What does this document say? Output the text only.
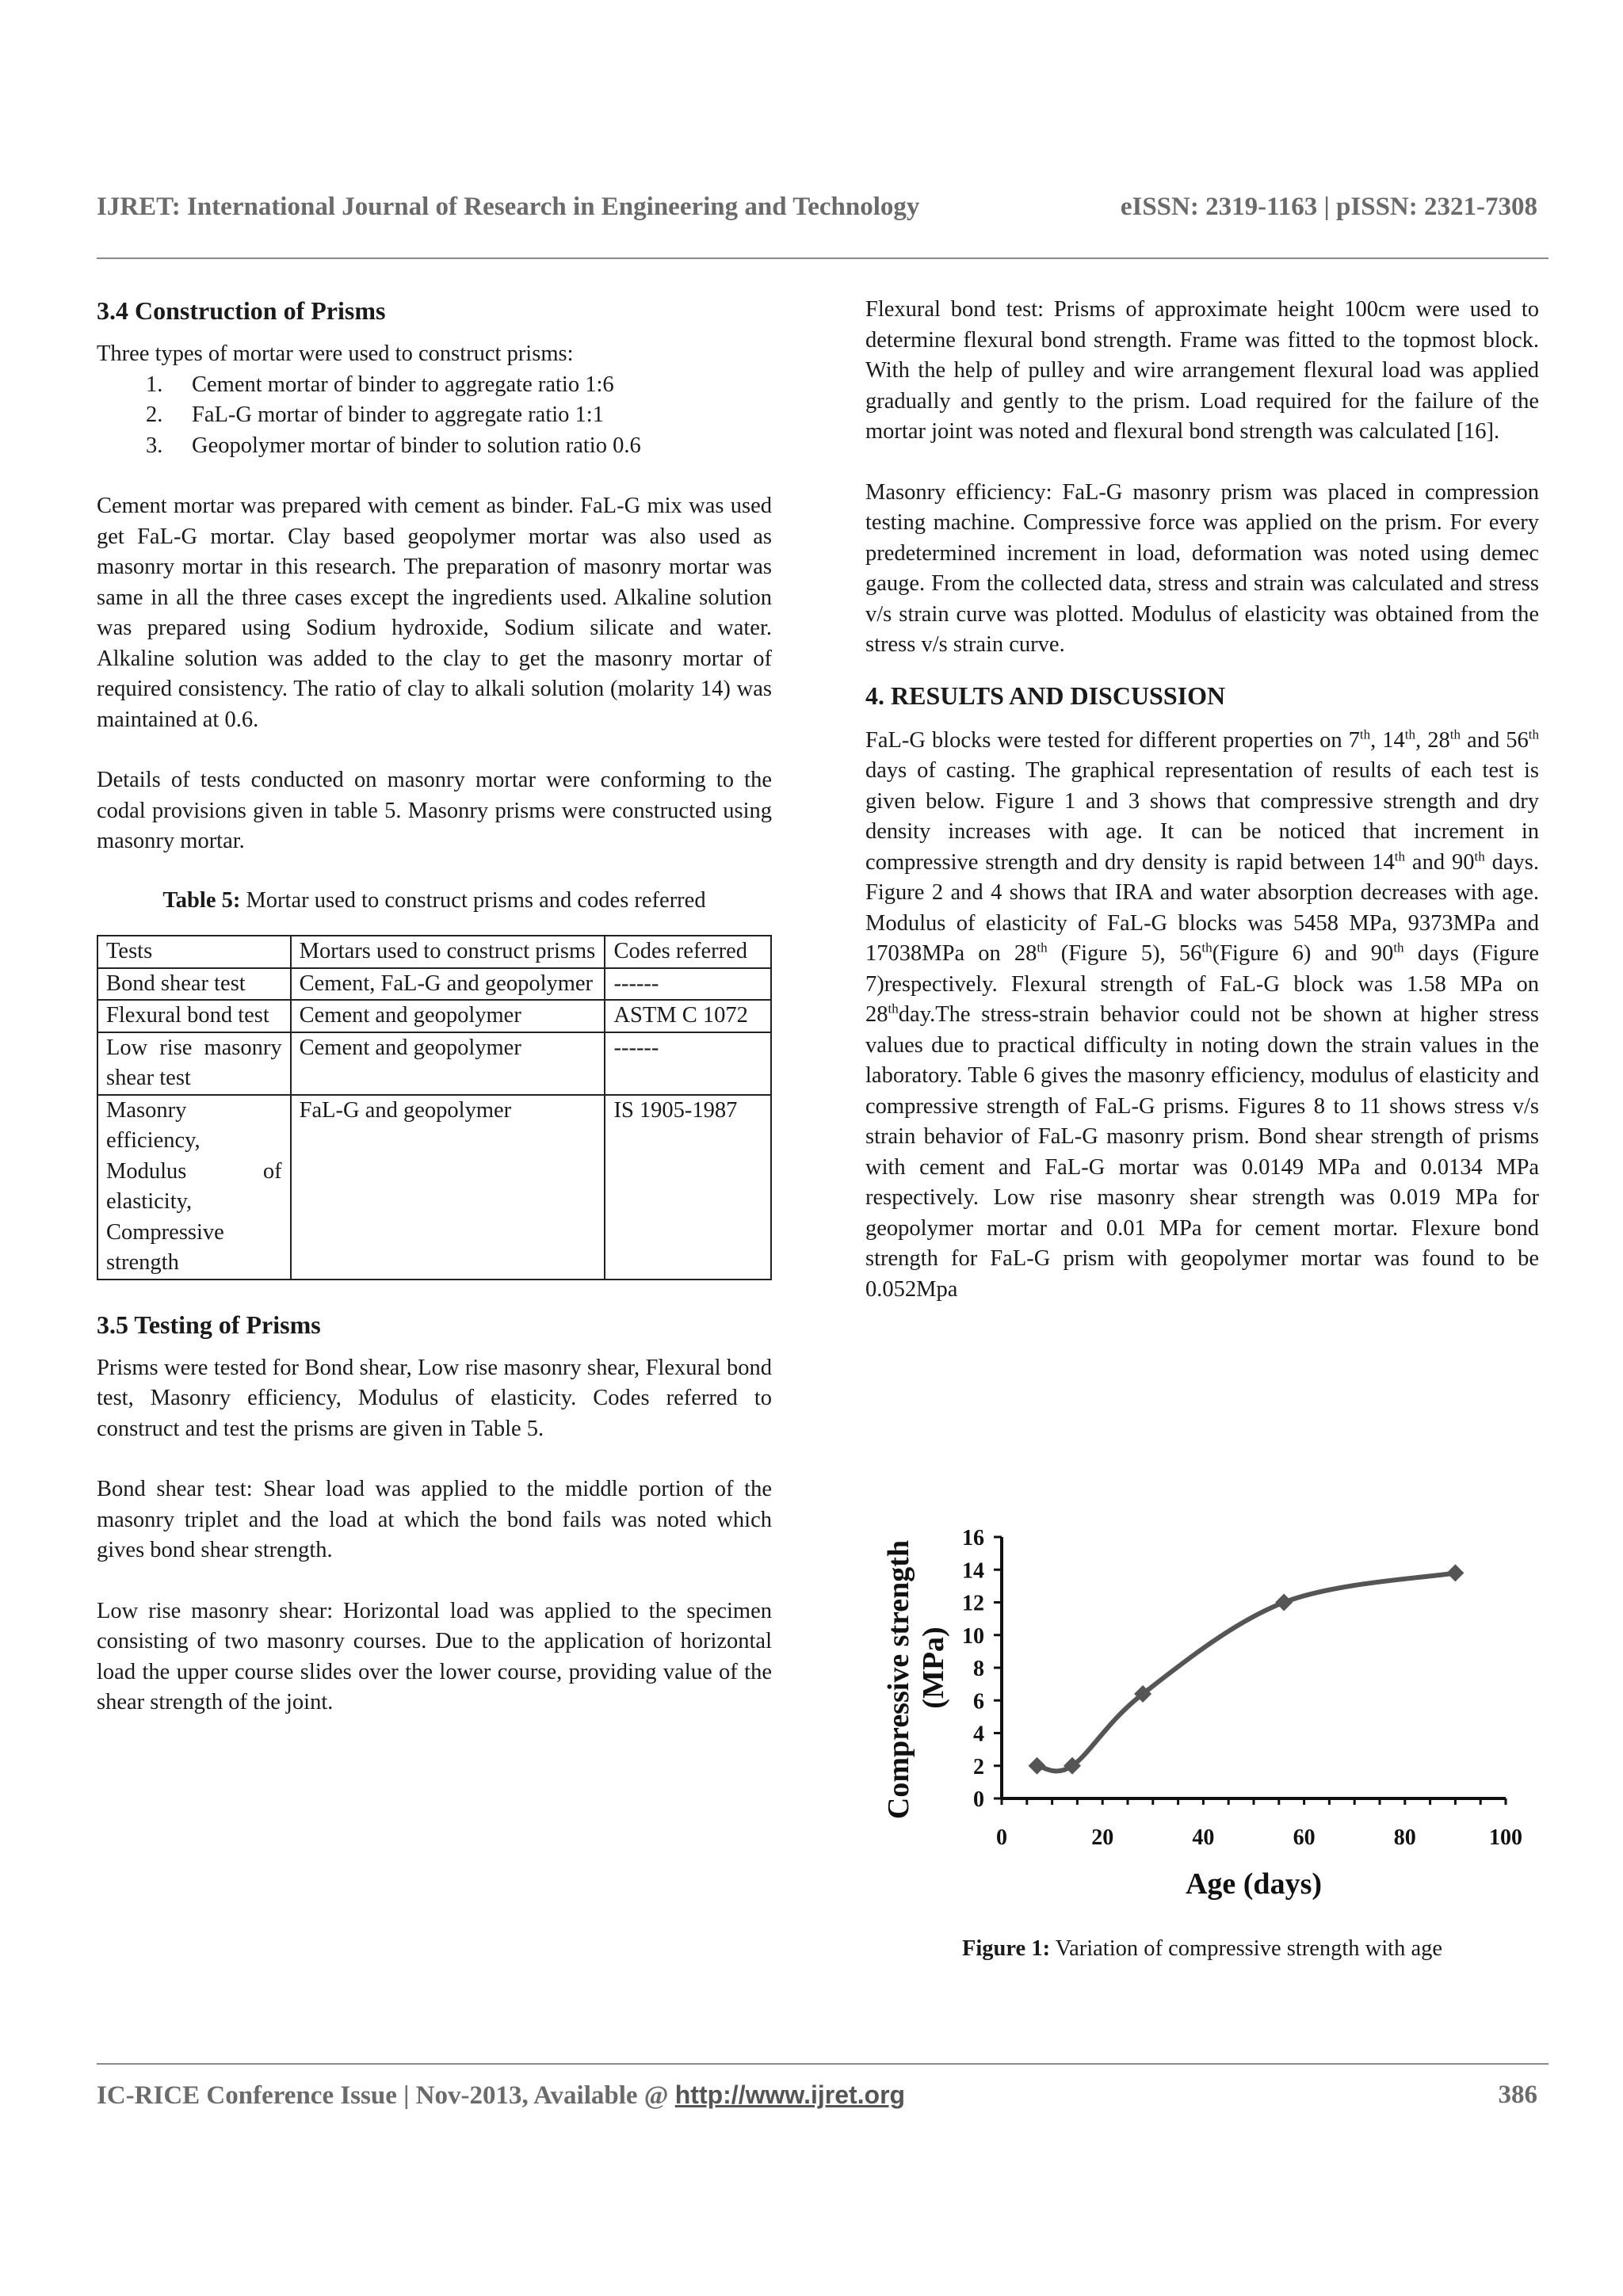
IJRET: International Journal of Research in Engineering and Technology	eISSN: 2319-1163 | pISSN: 2321-7308
3.4 Construction of Prisms
Three types of mortar were used to construct prisms:
1. Cement mortar of binder to aggregate ratio 1:6
2. FaL-G mortar of binder to aggregate ratio 1:1
3. Geopolymer mortar of binder to solution ratio 0.6

Cement mortar was prepared with cement as binder. FaL-G mix was used get FaL-G mortar. Clay based geopolymer mortar was also used as masonry mortar in this research. The preparation of masonry mortar was same in all the three cases except the ingredients used. Alkaline solution was prepared using Sodium hydroxide, Sodium silicate and water. Alkaline solution was added to the clay to get the masonry mortar of required consistency. The ratio of clay to alkali solution (molarity 14) was maintained at 0.6.

Details of tests conducted on masonry mortar were conforming to the codal provisions given in table 5. Masonry prisms were constructed using masonry mortar.

Table 5: Mortar used to construct prisms and codes referred
Tests	Mortars used to construct prisms	Codes referred
Bond shear test	Cement, FaL-G and geopolymer	------
Flexural bond test	Cement and geopolymer	ASTM C 1072
Low rise masonry shear test	Cement and geopolymer	------
Masonry efficiency, Modulus of elasticity, Compressive strength	FaL-G and geopolymer	IS 1905-1987
3.5 Testing of Prisms

Prisms were tested for Bond shear, Low rise masonry shear, Flexural bond test, Masonry efficiency, Modulus of elasticity. Codes referred to construct and test the prisms are given in Table 5.

Bond shear test: Shear load was applied to the middle portion of the masonry triplet and the load at which the bond fails was noted which gives bond shear strength.

Low rise masonry shear: Horizontal load was applied to the specimen consisting of two masonry courses. Due to the application of horizontal load the upper course slides over the lower course, providing value of the shear strength of the joint.

Flexural bond test: Prisms of approximate height 100cm were used to determine flexural bond strength. Frame was fitted to the topmost block. With the help of pulley and wire arrangement flexural load was applied gradually and gently to the prism. Load required for the failure of the mortar joint was noted and flexural bond strength was calculated [16].

Masonry efficiency: FaL-G masonry prism was placed in compression testing machine. Compressive force was applied on the prism. For every predetermined increment in load, deformation was noted using demec gauge. From the collected data, stress and strain was calculated and stress v/s strain curve was plotted. Modulus of elasticity was obtained from the stress v/s strain curve.

4. RESULTS AND DISCUSSION

FaL-G blocks were tested for different properties on 7th, 14th, 28th and 56th days of casting. The graphical representation of results of each test is given below. Figure 1 and 3 shows that compressive strength and dry density increases with age. It can be noticed that increment in compressive strength and dry density is rapid between 14th and 90th days. Figure 2 and 4 shows that IRA and water absorption decreases with age. Modulus of elasticity of FaL-G blocks was 5458 MPa, 9373MPa and 17038MPa on 28th (Figure 5), 56th(Figure 6) and 90th days (Figure 7)respectively. Flexural strength of FaL-G block was 1.58 MPa on 28thday.The stress-strain behavior could not be shown at higher stress values due to practical difficulty in noting down the strain values in the laboratory. Table 6 gives the masonry efficiency, modulus of elasticity and compressive strength of FaL-G prisms. Figures 8 to 11 shows stress v/s strain behavior of FaL-G masonry prism. Bond shear strength of prisms with cement and FaL-G mortar was 0.0149 MPa and 0.0134 MPa respectively. Low rise masonry shear strength was 0.019 MPa for geopolymer mortar and 0.01 MPa for cement mortar. Flexure bond strength for FaL-G prism with geopolymer mortar was found to be 0.052Mpa

0
2
4
6
8
10
12
14
16
0	20	40	60	80	100
Age (days)
Compressive strength (MPa)
Figure 1: Variation of compressive strength with age
IC-RICE Conference Issue | Nov-2013, Available @ http://www.ijret.org	386
